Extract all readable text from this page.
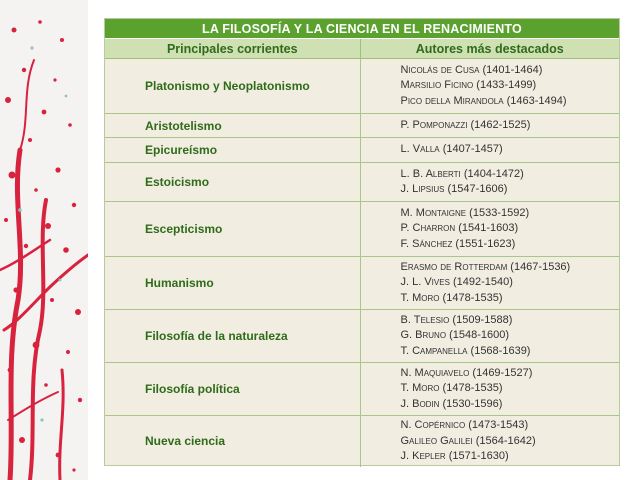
LA FILOSOFÍA Y LA CIENCIA EN EL RENACIMIENTO
Principales corrientes	Autores más destacados
Platonismo y Neoplatonismo	Nicolás de Cusa (1401-1464)
Marsilio Ficino (1433-1499)
Pico della Mirandola (1463-1494)

Aristotelismo	P. Pomponazzi (1462-1525)

Epicureísmo	L. Valla (1407-1457)

Estoicismo	L. B. Alberti (1404-1472)
J. Lipsius (1547-1606)

Escepticismo	M. Montaigne (1533-1592)
P. Charron (1541-1603)
F. Sánchez (1551-1623)

Humanismo	Erasmo de Rotterdam (1467-1536)
J. L. Vives (1492-1540)
T. Moro (1478-1535)

Filosofía de la naturaleza	B. Telesio (1509-1588)
G. Bruno (1548-1600)
T. Campanella (1568-1639)

Filosofía política	N. Maquiavelo (1469-1527)
T. Moro (1478-1535)
J. Bodin (1530-1596)

Nueva ciencia	N. Copérnico (1473-1543)
Galileo Galilei (1564-1642)
J. Kepler (1571-1630)
